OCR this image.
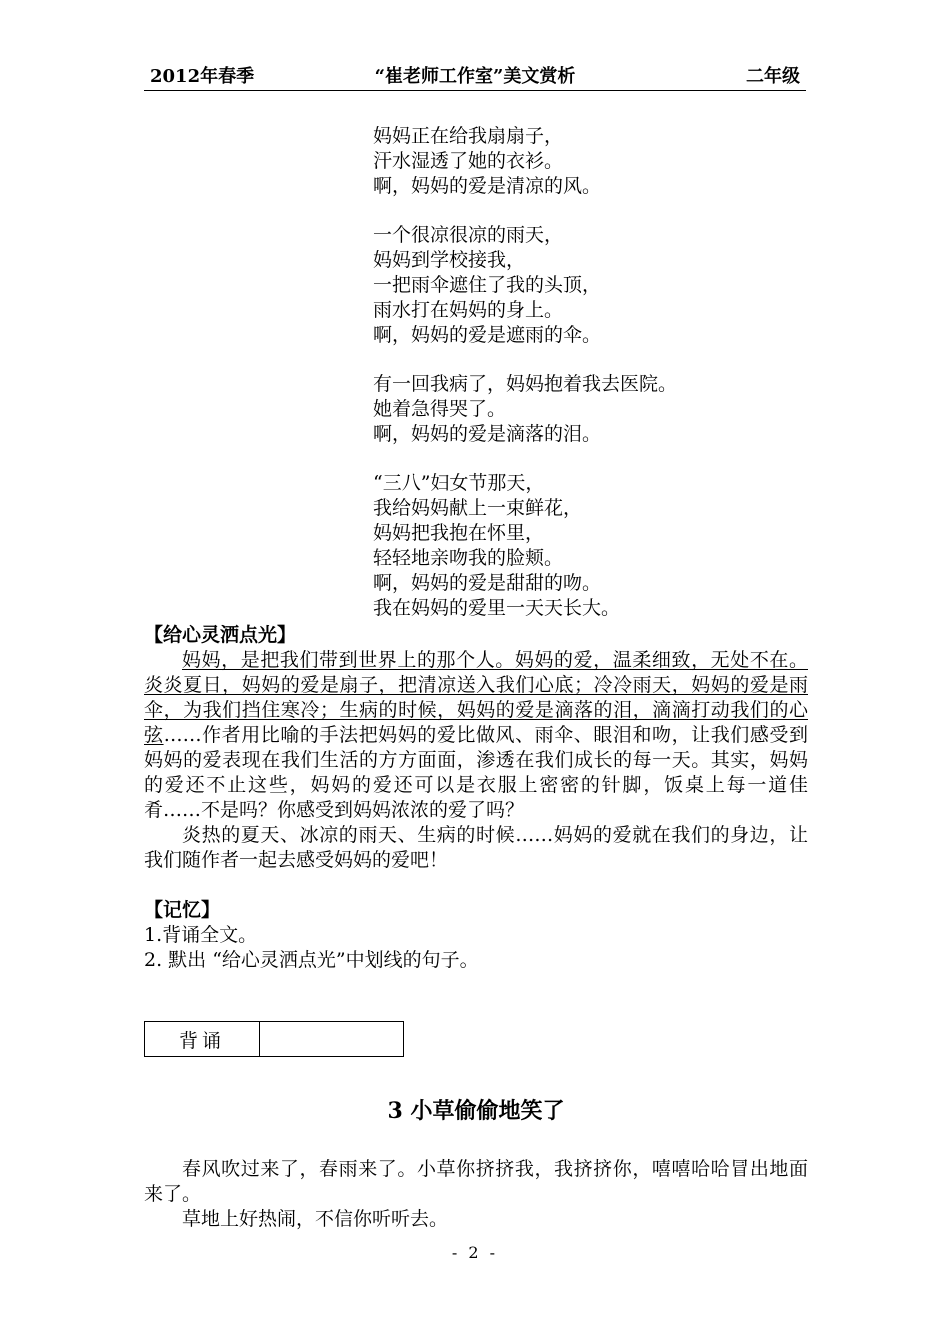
2012年春季	“崔老师工作室”美文赏析	二年级
妈妈正在给我扇扇子，
汗水湿透了她的衣衫。
啊，妈妈的爱是清凉的风。
一个很凉很凉的雨天，
妈妈到学校接我，
一把雨伞遮住了我的头顶，
雨水打在妈妈的身上。
啊，妈妈的爱是遮雨的伞。
有一回我病了，妈妈抱着我去医院。
她着急得哭了。
啊，妈妈的爱是滴落的泪。
“三八”妇女节那天，
我给妈妈献上一束鲜花，
妈妈把我抱在怀里，
轻轻地亲吻我的脸颊。
啊，妈妈的爱是甜甜的吻。
我在妈妈的爱里一天天长大。
【给心灵洒点光】

妈妈，是把我们带到世界上的那个人。妈妈的爱，温柔细致，无处不在。炎炎夏日，妈妈的爱是扇子，把清凉送入我们心底；冷冷雨天，妈妈的爱是雨伞，为我们挡住寒冷；生病的时候，妈妈的爱是滴落的泪，滴滴打动我们的心弦……作者用比喻的手法把妈妈的爱比做风、雨伞、眼泪和吻，让我们感受到妈妈的爱表现在我们生活的方方面面，渗透在我们成长的每一天。其实，妈妈的爱还不止这些，妈妈的爱还可以是衣服上密密的针脚，饭桌上每一道佳肴……不是吗？你感受到妈妈浓浓的爱了吗？

炎热的夏天、冰凉的雨天、生病的时候……妈妈的爱就在我们的身边，让我们随作者一起去感受妈妈的爱吧！

【记忆】
1.背诵全文。
2. 默出 “给心灵洒点光”中划线的句子。
背诵	
3 小草偷偷地笑了

春风吹过来了，春雨来了。小草你挤挤我，我挤挤你，嘻嘻哈哈冒出地面来了。

草地上好热闹，不信你听听去。

- 2 -
